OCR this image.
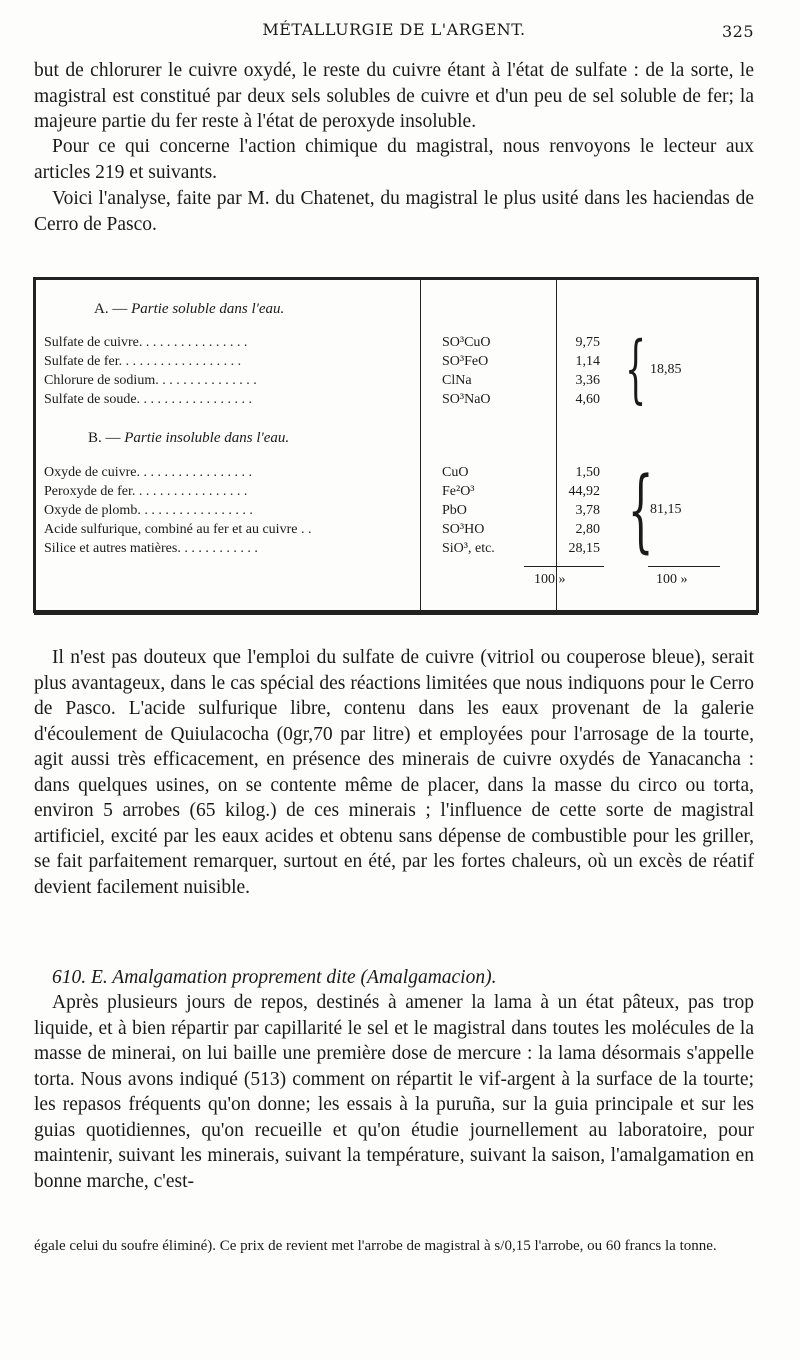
MÉTALLURGIE DE L'ARGENT.	325
but de chlorurer le cuivre oxydé, le reste du cuivre étant à l'état de sulfate : de la sorte, le magistral est constitué par deux sels solubles de cuivre et d'un peu de sel soluble de fer; la majeure partie du fer reste à l'état de peroxyde insoluble.
Pour ce qui concerne l'action chimique du magistral, nous renvoyons le lecteur aux articles 219 et suivants.
Voici l'analyse, faite par M. du Chatenet, du magistral le plus usité dans les haciendas de Cerro de Pasco.
A. — Partie soluble dans l'eau.
Sulfate de cuivre. . . . . . . . . . . . . . . .
Sulfate de fer. . . . . . . . . . . . . . . . . .
Chlorure de sodium. . . . . . . . . . . . . . .
Sulfate de soude. . . . . . . . . . . . . . . . .
SO³CuO
SO³FeO
ClNa
SO³NaO
9,75
1,14
3,36
4,60 { 18,85
B. — Partie insoluble dans l'eau.
Oxyde de cuivre. . . . . . . . . . . . . . . . .
Peroxyde de fer. . . . . . . . . . . . . . . . .
Oxyde de plomb. . . . . . . . . . . . . . . . .
Acide sulfurique, combiné au fer et au cuivre . .
Silice et autres matières. . . . . . . . . . . .
CuO
Fe²O³
PbO
SO³HO
SiO³, etc.
1,50
44,92
3,78
2,80
28,15 {
81,15
100 »	100 »
Il n'est pas douteux que l'emploi du sulfate de cuivre (vitriol ou couperose bleue), serait plus avantageux, dans le cas spécial des réactions limitées que nous indiquons pour le Cerro de Pasco. L'acide sulfurique libre, contenu dans les eaux provenant de la galerie d'écoulement de Quiulacocha (0gr,70 par litre) et employées pour l'arrosage de la tourte, agit aussi très efficacement, en présence des minerais de cuivre oxydés de Yanacancha : dans quelques usines, on se contente même de placer, dans la masse du circo ou torta, environ 5 arrobes (65 kilog.) de ces minerais ; l'influence de cette sorte de magistral artificiel, excité par les eaux acides et obtenu sans dépense de combustible pour les griller, se fait parfaitement remarquer, surtout en été, par les fortes chaleurs, où un excès de réatif devient facilement nuisible.
610. E. Amalgamation proprement dite (Amalgamacion).
Après plusieurs jours de repos, destinés à amener la lama à un état pâteux, pas trop liquide, et à bien répartir par capillarité le sel et le magistral dans toutes les molécules de la masse de minerai, on lui baille une première dose de mercure : la lama désormais s'appelle torta. Nous avons indiqué (513) comment on répartit le vif-argent à la surface de la tourte; les repasos fréquents qu'on donne; les essais à la puruña, sur la guia principale et sur les guias quotidiennes, qu'on recueille et qu'on étudie journellement au laboratoire, pour maintenir, suivant les minerais, suivant la température, suivant la saison, l'amalgamation en bonne marche, c'est-
égale celui du soufre éliminé). Ce prix de revient met l'arrobe de magistral à s/0,15 l'arrobe, ou 60 francs la tonne.
